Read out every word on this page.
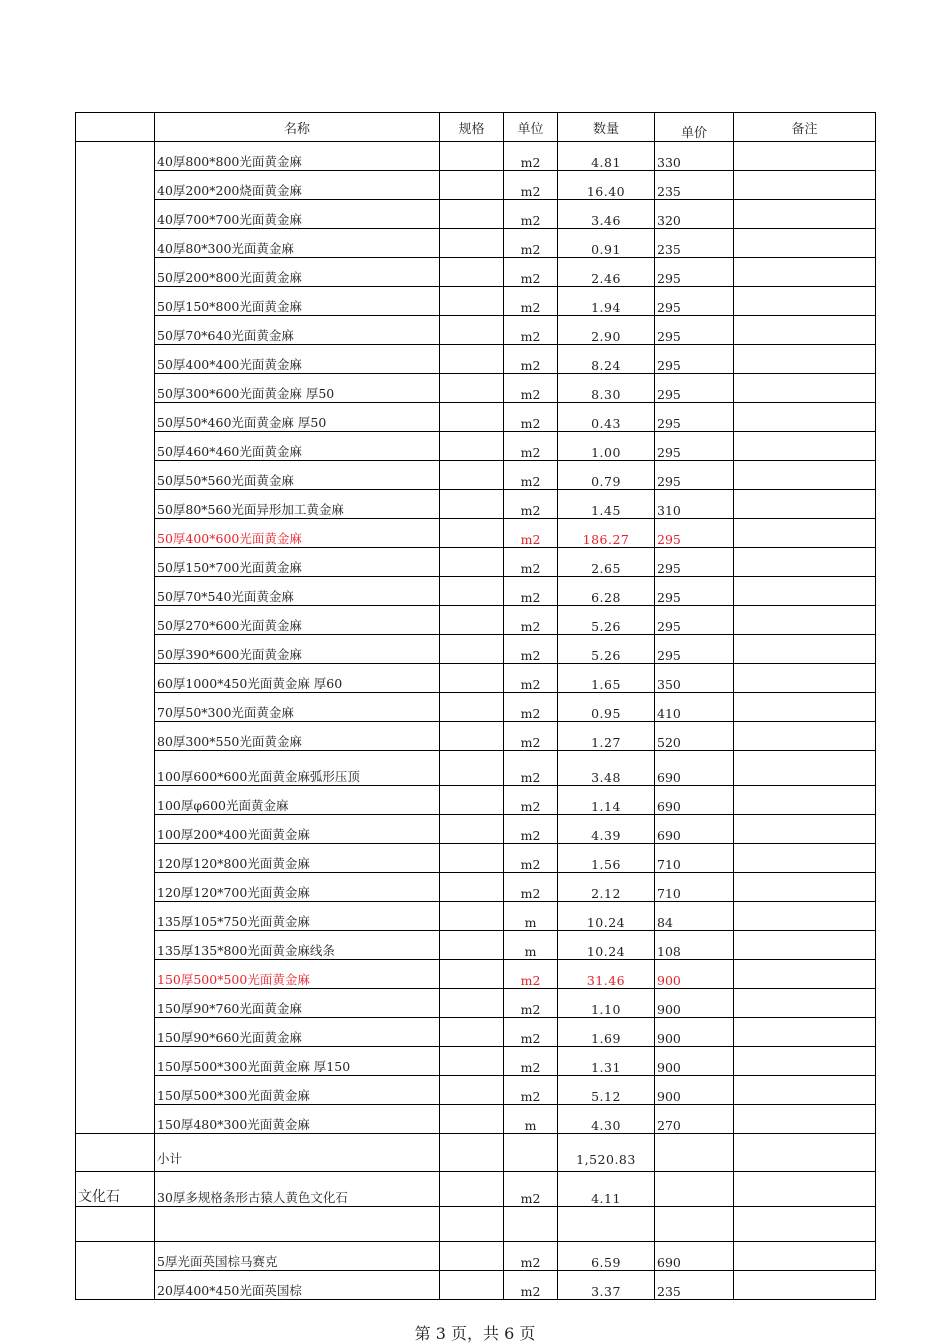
	名称	规格	单位	数量	单价	备注
	40厚800*800光面黄金麻		m2	4.81	330	
	40厚200*200烧面黄金麻		m2	16.40	235	
	40厚700*700光面黄金麻		m2	3.46	320	
	40厚80*300光面黄金麻		m2	0.91	235	
	50厚200*800光面黄金麻		m2	2.46	295	
	50厚150*800光面黄金麻		m2	1.94	295	
	50厚70*640光面黄金麻		m2	2.90	295	
	50厚400*400光面黄金麻		m2	8.24	295	
	50厚300*600光面黄金麻 厚50		m2	8.30	295	
	50厚50*460光面黄金麻 厚50		m2	0.43	295	
	50厚460*460光面黄金麻		m2	1.00	295	
	50厚50*560光面黄金麻		m2	0.79	295	
	50厚80*560光面异形加工黄金麻		m2	1.45	310	
	50厚400*600光面黄金麻		m2	186.27	295	
	50厚150*700光面黄金麻		m2	2.65	295	
	50厚70*540光面黄金麻		m2	6.28	295	
	50厚270*600光面黄金麻		m2	5.26	295	
	50厚390*600光面黄金麻		m2	5.26	295	
	60厚1000*450光面黄金麻 厚60		m2	1.65	350	
	70厚50*300光面黄金麻		m2	0.95	410	
	80厚300*550光面黄金麻		m2	1.27	520	
	100厚600*600光面黄金麻弧形压顶		m2	3.48	690	
	100厚φ600光面黄金麻		m2	1.14	690	
	100厚200*400光面黄金麻		m2	4.39	690	
	120厚120*800光面黄金麻		m2	1.56	710	
	120厚120*700光面黄金麻		m2	2.12	710	
	135厚105*750光面黄金麻		m	10.24	84	
	135厚135*800光面黄金麻线条		m	10.24	108	
	150厚500*500光面黄金麻		m2	31.46	900	
	150厚90*760光面黄金麻		m2	1.10	900	
	150厚90*660光面黄金麻		m2	1.69	900	
	150厚500*300光面黄金麻 厚150		m2	1.31	900	
	150厚500*300光面黄金麻		m2	5.12	900	
	150厚480*300光面黄金麻		m	4.30	270	
	小计			1,520.83		
文化石	30厚多规格条形古猿人黄色文化石		m2	4.11		

	5厚光面英国棕马赛克		m2	6.59	690	
	20厚400*450光面英国棕		m2	3.37	235	
第 3 页，共 6 页
